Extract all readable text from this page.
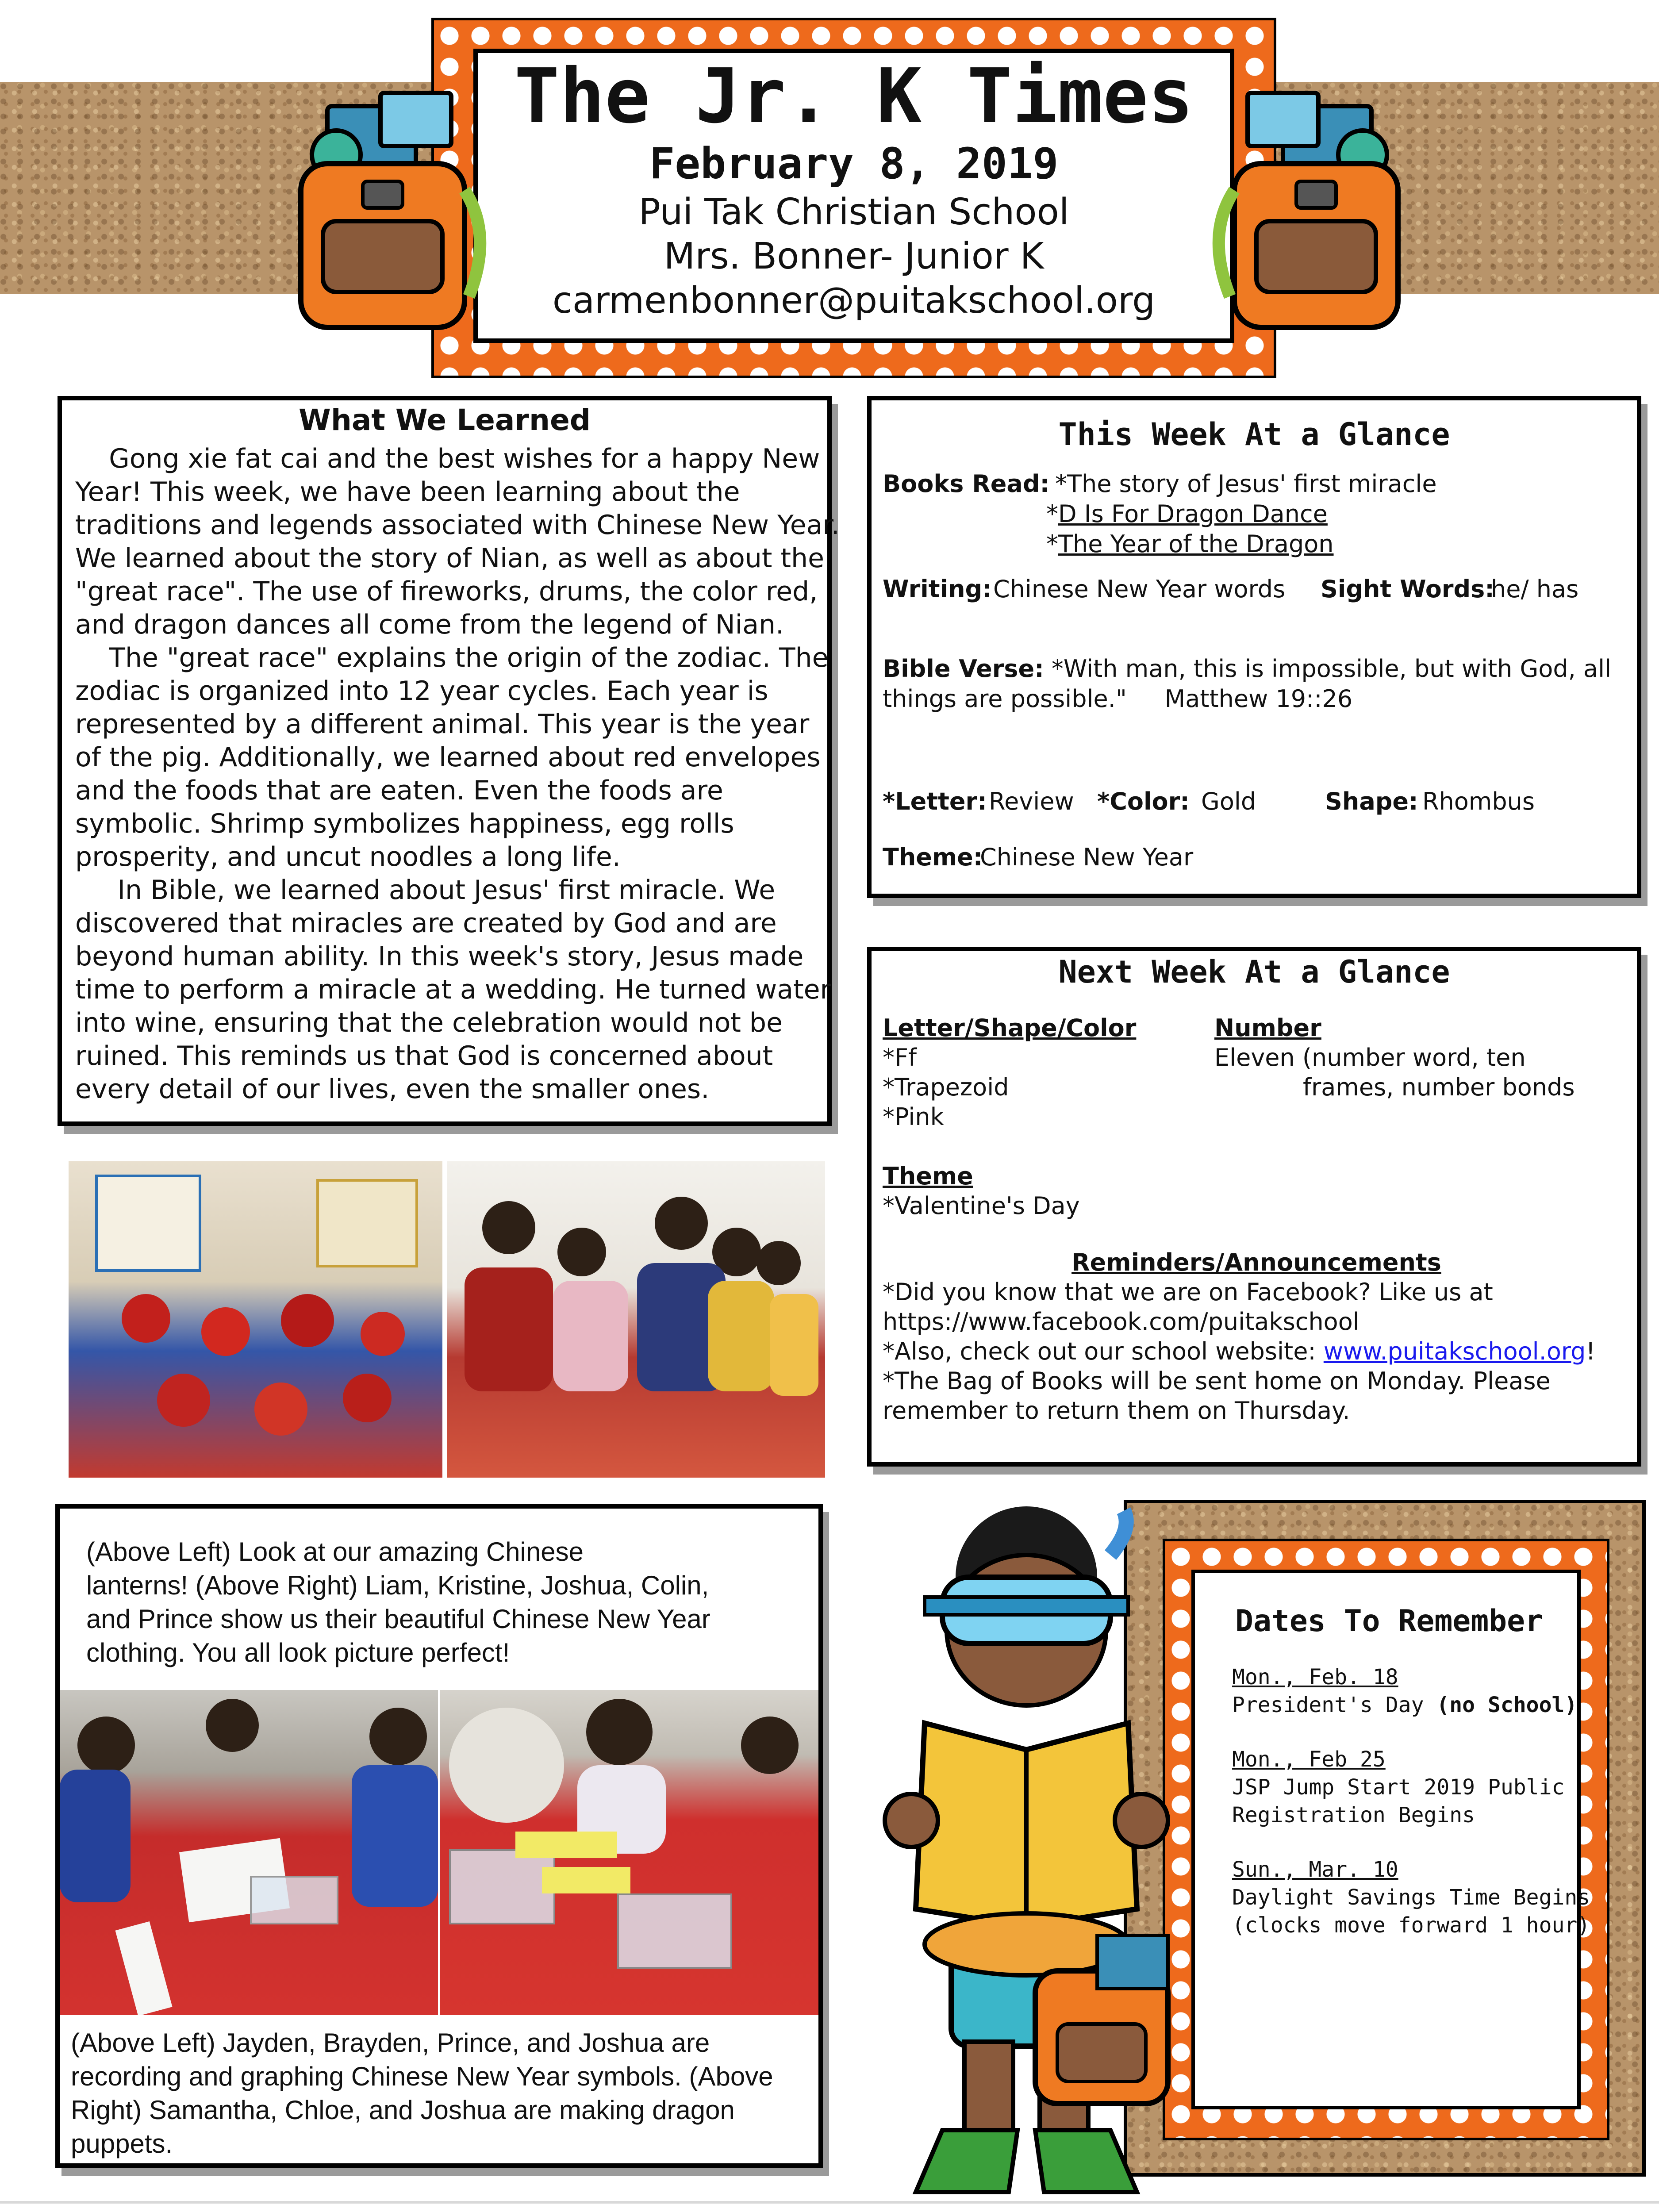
The Jr. K Times
February 8, 2019
Pui Tak Christian School
Mrs. Bonner- Junior K
carmenbonner@puitakschool.org
What We Learned
Gong xie fat cai and the best wishes for a happy New
Year! This week, we have been learning about the
traditions and legends associated with Chinese New Year.
We learned about the story of Nian, as well as about the
"great race". The use of fireworks, drums, the color red,
and dragon dances all come from the legend of Nian.
The "great race" explains the origin of the zodiac. The
zodiac is organized into 12 year cycles. Each year is
represented by a different animal. This year is the year
of the pig. Additionally, we learned about red envelopes
and the foods that are eaten. Even the foods are
symbolic. Shrimp symbolizes happiness, egg rolls
prosperity, and uncut noodles a long life.
In Bible, we learned about Jesus' first miracle. We
discovered that miracles are created by God and are
beyond human ability. In this week's story, Jesus made
time to perform a miracle at a wedding. He turned water
into wine, ensuring that the celebration would not be
ruined. This reminds us that God is concerned about
every detail of our lives, even the smaller ones.
This Week At a Glance
Books Read: *The story of Jesus' first miracle
*D Is For Dragon Dance
*The Year of the Dragon
Writing: Chinese New Year words Sight Words:
he/ has
Bible Verse: *With man, this is impossible, but with God, all
things are possible."     Matthew 19::26
*Letter: Review *Color: Gold	Shape: Rhombus
Theme:
Chinese New Year
Next Week At a Glance
Letter/Shape/Color
*Ff
*Trapezoid
*Pink
Number
Eleven (number word, ten
frames, number bonds
Theme
*Valentine's Day
Reminders/Announcements
*Did you know that we are on Facebook? Like us at
https://www.facebook.com/puitakschool
*Also, check out our school website: www.puitakschool.org!
*The Bag of Books will be sent home on Monday. Please
remember to return them on Thursday.
(Above Left) Look at our amazing Chinese
lanterns! (Above Right) Liam, Kristine, Joshua, Colin,
and Prince show us their beautiful Chinese New Year
clothing. You all look picture perfect!
(Above Left) Jayden, Brayden, Prince, and Joshua are
recording and graphing Chinese New Year symbols. (Above
Right) Samantha, Chloe, and Joshua are making dragon
puppets.
Dates To Remember
Mon., Feb. 18
President's Day (no School)
Mon., Feb 25
JSP Jump Start 2019 Public
Registration Begins
Sun., Mar. 10
Daylight Savings Time Begins
(clocks move forward 1 hour)
